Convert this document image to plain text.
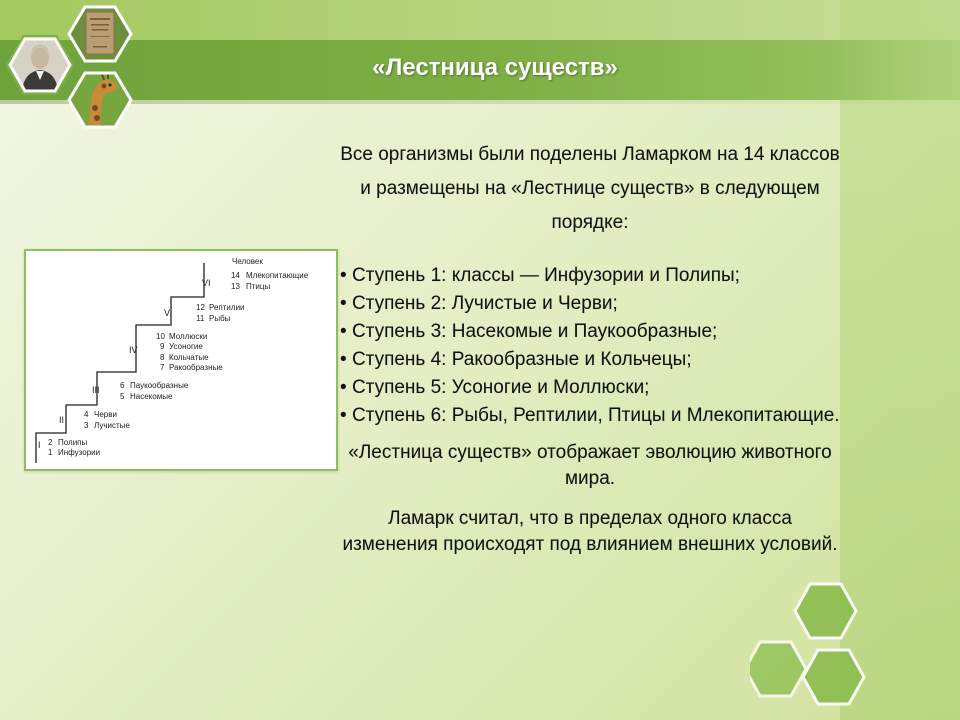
«Лестница существ»
Человек
I 2 Полипы
1 Инфузории
II
4 Черви
3 Лучистые
III	6 Паукообразные
5 Насекомые
IV
10 Моллюски
9 Усоногие
8 Кольчатые
7 Ракообразные
V
12 Рептилии
11 Рыбы
VI
14 Млекопитающие
13 Птицы
Все организмы были поделены Ламарком на 14 классов и размещены на «Лестнице существ» в следующем порядке:
• Ступень 1: классы — Инфузории и Полипы;
• Ступень 2: Лучистые и Черви;
• Ступень 3: Насекомые и Паукообразные;
• Ступень 4: Ракообразные и Кольчецы;
• Ступень 5: Усоногие и Моллюски;
• Ступень 6: Рыбы, Рептилии, Птицы и Млекопитающие.
«Лестница существ» отображает эволюцию животного мира.
Ламарк считал, что в пределах одного класса изменения происходят под влиянием внешних условий.
